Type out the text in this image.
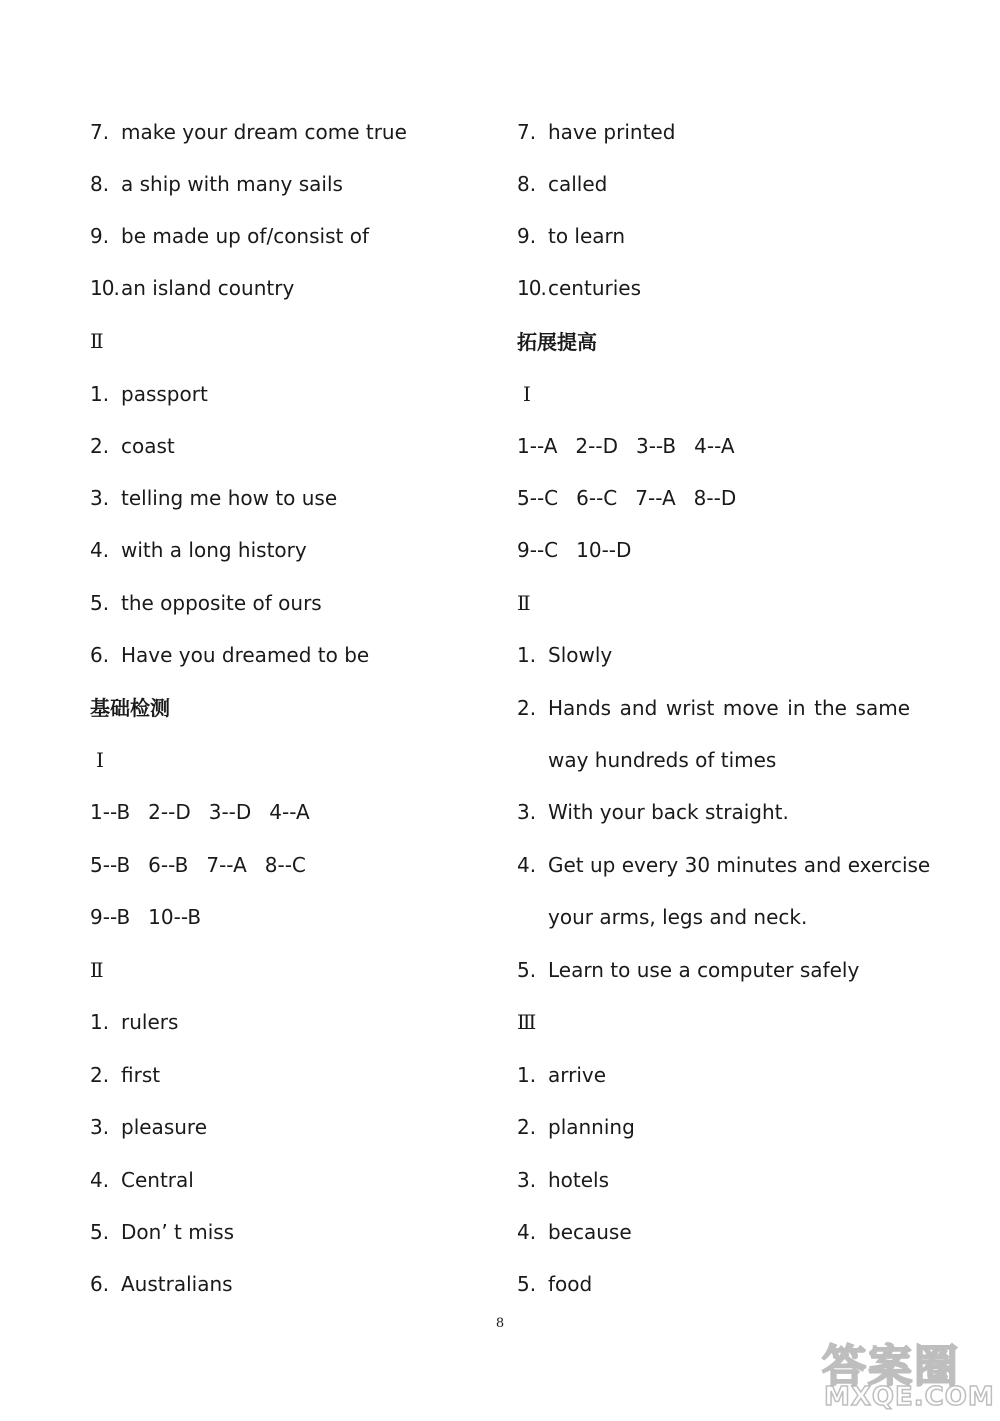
7. make your dream come true
8. a ship with many sails
9. be made up of/consist of
10. an island country
Ⅱ
1. passport
2. coast
3. telling me how to use
4. with a long history
5. the opposite of ours
6. Have you dreamed to be
基础检测
Ⅰ
1--B 2--D 3--D 4--A
5--B 6--B 7--A 8--C
9--B 10--B
Ⅱ
1. rulers
2. first
3. pleasure
4. Central
5. Don’ t miss
6. Australians
7. have printed
8. called
9. to learn
10. centuries
拓展提高
Ⅰ
1--A 2--D 3--B 4--A
5--C 6--C 7--A 8--D
9--C 10--D
Ⅱ
1. Slowly
2. Hands and wrist move in the same
way hundreds of times
3. With your back straight.
4. Get up every 30 minutes and exercise
your arms, legs and neck.
5. Learn to use a computer safely
Ⅲ
1. arrive
2. planning
3. hotels
4. because
5. food
8
答案圈
MXQE.COM
